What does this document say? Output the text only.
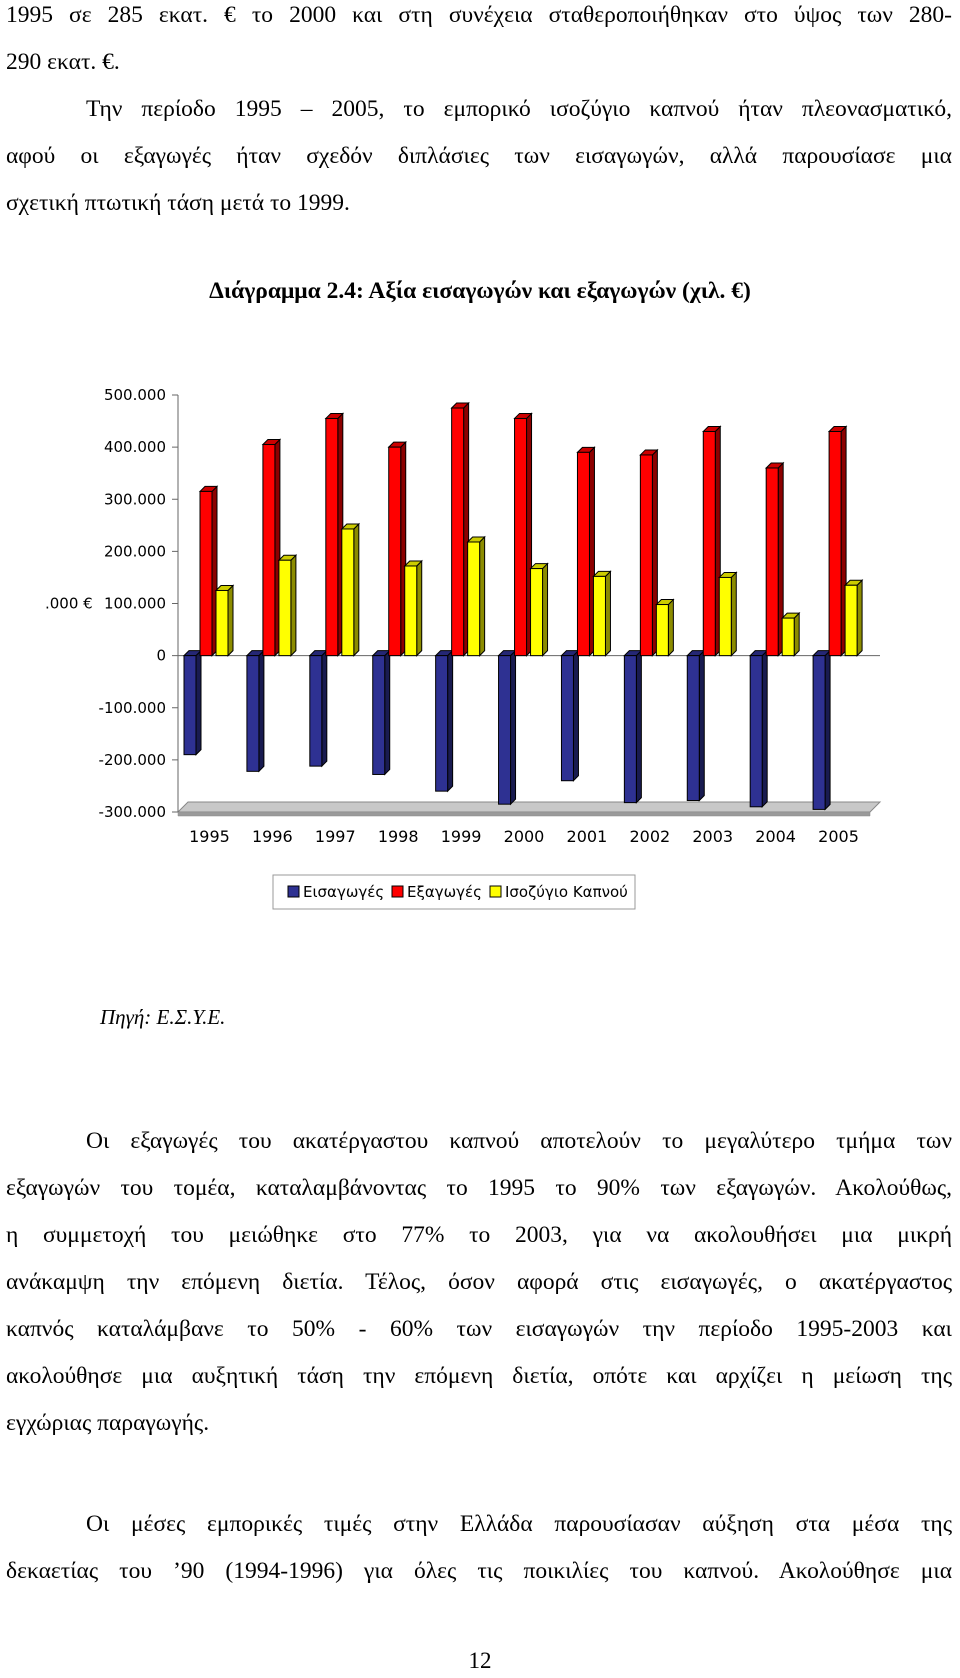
1995 σε 285 εκατ. € το 2000 και στη συνέχεια σταθεροποιήθηκαν στο ύψος των 280-
290 εκατ. €.
Την περίοδο 1995 – 2005, το εμπορικό ισοζύγιο καπνού ήταν πλεονασματικό,
αφού οι εξαγωγές ήταν σχεδόν διπλάσιες των εισαγωγών, αλλά παρουσίασε μια
σχετική πτωτική τάση μετά το 1999.
Διάγραμμα 2.4: Αξία εισαγωγών και εξαγωγών (χιλ. €)
500.000
400.000
300.000
200.000
100.000
0
-100.000
-200.000
-300.000
.000 €
1995 1996 1997 1998 1999 2000 2001 2002 2003 2004 2005
Εισαγωγές Εξαγωγές Ισοζύγιο Καπνού
Πηγή: Ε.Σ.Υ.Ε.
Οι εξαγωγές του ακατέργαστου καπνού αποτελούν το μεγαλύτερο τμήμα των
εξαγωγών του τομέα, καταλαμβάνοντας το 1995 το 90% των εξαγωγών. Ακολούθως,
η συμμετοχή του μειώθηκε στο 77% το 2003, για να ακολουθήσει μια μικρή
ανάκαμψη την επόμενη διετία. Τέλος, όσον αφορά στις εισαγωγές, ο ακατέργαστος
καπνός καταλάμβανε το 50% - 60% των εισαγωγών την περίοδο 1995-2003 και
ακολούθησε μια αυξητική τάση την επόμενη διετία, οπότε και αρχίζει η μείωση της
εγχώριας παραγωγής.
Οι μέσες εμπορικές τιμές στην Ελλάδα παρουσίασαν αύξηση στα μέσα της
δεκαετίας του ’90 (1994-1996) για όλες τις ποικιλίες του καπνού. Ακολούθησε μια
12
